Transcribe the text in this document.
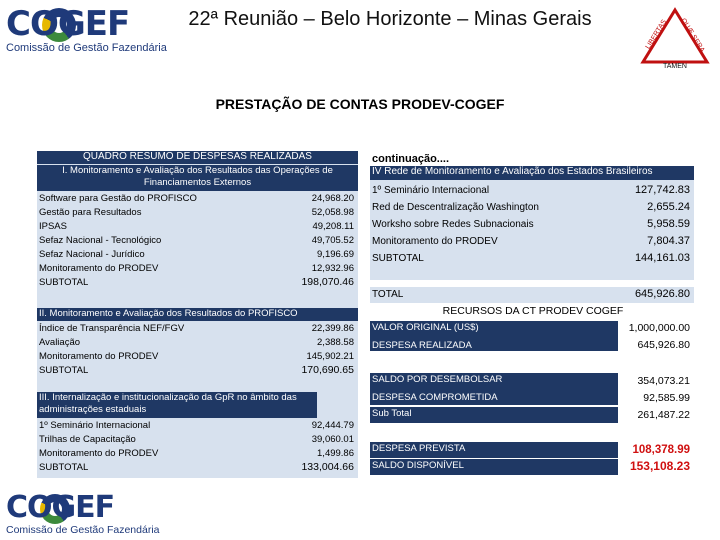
COGEF
Comissão de Gestão Fazendária
22ª Reunião – Belo Horizonte – Minas Gerais	LIBERTAS QUÆ SERA
TAMEN
PRESTAÇÃO DE CONTAS PRODEV-COGEF
QUADRO RESUMO DE DESPESAS REALIZADAS
I. Monitoramento e Avaliação dos Resultados das Operações de Financiamentos Externos
Software para Gestão do PROFISCO	24,968.20
Gestão para Resultados	52,058.98
IPSAS	49,208.11
Sefaz Nacional - Tecnológico	49,705.52
Sefaz Nacional - Jurídico	9,196.69
Monitoramento do PRODEV	12,932.96
SUBTOTAL	198,070.46
II. Monitoramento e Avaliação dos Resultados do PROFISCO
Índice de Transparência NEF/FGV	22,399.86
Avaliação	2,388.58
Monitoramento do PRODEV	145,902.21
SUBTOTAL	170,690.65
III. Internalização e institucionalização da GpR no âmbito das administrações estaduais
1º Seminário Internacional	92,444.79
Trilhas de Capacitação	39,060.01
Monitoramento do PRODEV	1,499.86
SUBTOTAL	133,004.66
continuação....
IV Rede de Monitoramento e Avaliação dos Estados Brasileiros
1º Seminário Internacional	127,742.83
Red de Descentralização Washington	2,655.24
Worksho sobre Redes Subnacionais	5,958.59
Monitoramento do PRODEV	7,804.37
SUBTOTAL	144,161.03
TOTAL	645,926.80
RECURSOS DA CT PRODEV COGEF
VALOR ORIGINAL (US$)	1,000,000.00
DESPESA REALIZADA	645,926.80
SALDO POR DESEMBOLSAR	354,073.21
DESPESA COMPROMETIDA	92,585.99
Sub Total	261,487.22
DESPESA PREVISTA	108,378.99
SALDO DISPONÍVEL	153,108.23
COGEF
Comissão de Gestão Fazendária
